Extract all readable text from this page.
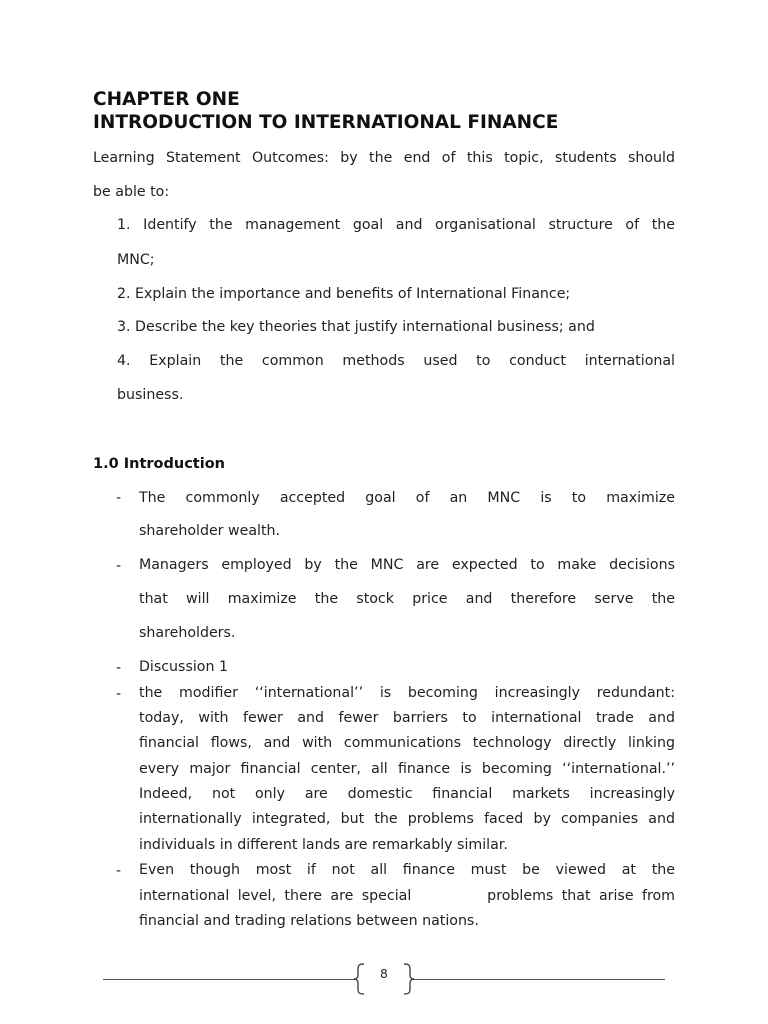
CHAPTER ONE
INTRODUCTION TO INTERNATIONAL FINANCE
Learning Statement Outcomes: by the end of this topic, students should
be able to:
1. Identify the management goal and organisational structure of the
MNC;
2. Explain the importance and benefits of International Finance;
3. Describe the key theories that justify international business; and
4. Explain the common methods used to conduct international
business.
1.0 Introduction
- The commonly accepted goal of an MNC is to maximize
shareholder wealth.
- Managers employed by the MNC are expected to make decisions
that will maximize the stock price and therefore serve the
shareholders.
- Discussion 1
- the modifier ‘‘international’’ is becoming increasingly redundant:
today, with fewer and fewer barriers to international trade and
financial flows, and with communications technology directly linking
every major financial center, all finance is becoming ‘‘international.’’
Indeed, not only are domestic financial markets increasingly
internationally integrated, but the problems faced by companies and
individuals in different lands are remarkably similar.
- Even though most if not all finance must be viewed at the
international level, there are special         problems that arise from
financial and trading relations between nations.
8
